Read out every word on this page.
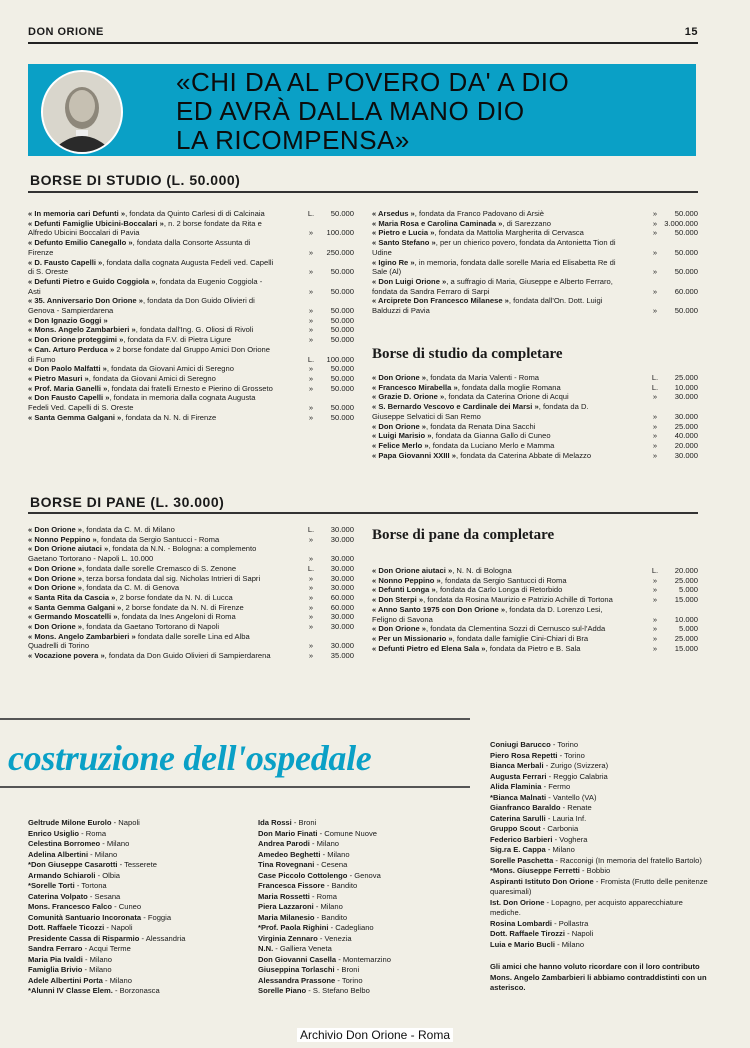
DON ORIONE	15
«CHI DA AL POVERO DA' A DIO
ED AVRÀ DALLA MANO DIO
LA RICOMPENSA»
BORSE DI STUDIO (L. 50.000)
« In memoria cari Defunti », fondata da Quinto Carlesi di di Calcinaia	L.	50.000
« Defunti Famiglie Ubicini-Boccalari », n. 2 borse fondate da Rita e Alfredo Ubicini Boccalari di Pavia	»	100.000
« Defunto Emilio Canegallo », fondata dalla Consorte Assunta di Firenze	»	250.000
« D. Fausto Capelli », fondata dalla cognata Augusta Fedeli ved. Capelli di S. Oreste	»	50.000
« Defunti Pietro e Guido Coggiola », fondata da Eugenio Coggiola - Asti	»	50.000
« 35. Anniversario Don Orione », fondata da Don Guido Olivieri di Genova - Sampierdarena	»	50.000
« Don Ignazio Goggi »	»	50.000
« Mons. Angelo Zambarbieri », fondata dall'Ing. G. Oliosi di Rivoli	»	50.000
« Don Orione proteggimi », fondata da F.V. di Pietra Ligure	»	50.000
« Can. Arturo Perduca » 2 borse fondate dal Gruppo Amici Don Orione di Fumo	L.	100.000
« Don Paolo Malfatti », fondata da Giovani Amici di Seregno	»	50.000
« Pietro Masuri », fondata da Giovani Amici di Seregno	»	50.000
« Prof. Maria Ganelli », fondata dai fratelli Ernesto e Pierino di Grosseto	»	50.000
« Don Fausto Capelli », fondata in memoria dalla cognata Augusta Fedeli Ved. Capelli di S. Oreste	»	50.000
« Santa Gemma Galgani », fondata da N. N. di Firenze	»	50.000
« Arsedus », fondata da Franco Padovano di Arsiè	»	50.000
« Maria Rosa e Carolina Caminada », di Sarezzano	» 3.000.000
« Pietro e Lucia », fondata da Mattolia Margherita di Cervasca	»	50.000
« Santo Stefano », per un chierico povero, fondata da Antonietta Tion di Udine	»	50.000
« Igino Re », in memoria, fondata dalle sorelle Maria ed Elisabetta Re di Sale (Al)	»	50.000
« Don Luigi Orione », a suffragio di Maria, Giuseppe e Alberto Ferraro, fondata da Sandra Ferraro di Sarpi	»	60.000
« Arciprete Don Francesco Milanese », fondata dall'On. Dott. Luigi Balduzzi di Pavia	»	50.000
Borse di studio da completare
« Don Orione », fondata da Maria Valenti - Roma	L.	25.000
« Francesco Mirabella », fondata dalla moglie Romana	L.	10.000
« Grazie D. Orione », fondata da Caterina Orione di Acqui	»	30.000
« S. Bernardo Vescovo e Cardinale dei Marsi », fondata da D. Giuseppe Selvatici di San Remo	»	30.000
« Don Orione », fondata da Renata Dina Sacchi	»	25.000
« Luigi Marisio », fondata da Gianna Gallo di Cuneo	»	40.000
« Felice Merlo », fondata da Luciano Merlo e Mamma	»	20.000
« Papa Giovanni XXIII », fondata da Caterina Abbate di Melazzo	»	30.000
BORSE DI PANE (L. 30.000)
« Don Orione », fondata da C. M. di Milano	L.	30.000
« Nonno Peppino », fondata da Sergio Santucci - Roma	»	30.000
« Don Orione aiutaci », fondata da N.N. - Bologna: a complemento Gaetano Tortorano - Napoli L. 10.000	»	30.000
« Don Orione », fondata dalle sorelle Cremasco di S. Zenone	L.	30.000
« Don Orione », terza borsa fondata dal sig. Nicholas Intrieri di Sapri	»	30.000
« Don Orione », fondata da C. M. di Genova	»	30.000
« Santa Rita da Cascia », 2 borse fondate da N. N. di Lucca	»	60.000
« Santa Gemma Galgani », 2 borse fondate da N. N. di Firenze	»	60.000
« Germando Moscatelli », fondata da Ines Angeloni di Roma	»	30.000
« Don Orione », fondata da Gaetano Tortorano di Napoli	»	30.000
« Mons. Angelo Zambarbieri » fondata dalle sorelle Lina ed Alba Quadrelli di Torino	»	30.000
« Vocazione povera », fondata da Don Guido Olivieri di Sampierdarena	»	35.000
Borse di pane da completare
« Don Orione aiutaci », N. N. di Bologna	L.	20.000
« Nonno Peppino », fondata da Sergio Santucci di Roma	»	25.000
« Defunti Longa », fondata da Carlo Longa di Retorbido	»	5.000
« Don Sterpi », fondata da Rosina Maurizio e Patrizio Achille di Tortona	»	15.000
« Anno Santo 1975 con Don Orione », fondata da D. Lorenzo Lesi, Feligno di Savona	»	10.000
« Don Orione », fondata da Clementina Sozzi di Cernusco sul-l'Adda	»	5.000
« Per un Missionario », fondata dalle famiglie Cini-Chiari di Bra	»	25.000
« Defunti Pietro ed Elena Sala », fondata da Pietro e B. Sala	»	15.000
costruzione dell'ospedale
Geltrude Milone Eurolo - Napoli
Enrico Usiglio - Roma
Celestina Borromeo - Milano
Adelina Albertini - Milano
*Don Giuseppe Casarotti - Tesserete
Armando Schiaroli - Olbia
*Sorelle Torti - Tortona
Caterina Volpato - Sesana
Mons. Francesco Falco - Cuneo
Comunità Santuario Incoronata - Foggia
Dott. Raffaele Ticozzi - Napoli
Presidente Cassa di Risparmio - Alessandria
Sandra Ferraro - Acqui Terme
Maria Pia Ivaldi - Milano
Famiglia Brivio - Milano
Adele Albertini Porta - Milano
*Alunni IV Classe Elem. - Borzonasca
Ida Rossi - Broni
Don Mario Finati - Comune Nuove
Andrea Parodi - Milano
Amedeo Beghetti - Milano
Tina Rovegnani - Cesena
Case Piccolo Cottolengo - Genova
Francesca Fissore - Bandito
Maria Rossetti - Roma
Piera Lazzaroni - Milano
Maria Milanesio - Bandito
*Prof. Paola Righini - Cadegliano
Virginia Zennaro - Venezia
N.N. - Galliera Veneta
Don Giovanni Casella - Montemarzino
Giuseppina Torlaschi - Broni
Alessandra Prassone - Torino
Sorelle Piano - S. Stefano Belbo
Coniugi Barucco - Torino
Piero Rosa Repetti - Torino
Bianca Merbali - Zurigo (Svizzera)
Augusta Ferrari - Reggio Calabria
Alida Flaminia - Fermo
*Bianca Malnati - Vantello (VA)
Gianfranco Baraldo - Renate
Caterina Sarulli - Lauria Inf.
Gruppo Scout - Carbonia
Federico Barbieri - Voghera
Sig.ra E. Cappa - Milano
Sorelle Paschetta - Racconigi (In memoria del fratello Bartolo)
*Mons. Giuseppe Ferretti - Bobbio
Aspiranti Istituto Don Orione - Fromista (Frutto delle penitenze quaresimali)
Ist. Don Orione - Lopagno, per acquisto apparecchiature mediche.
Rosina Lombardi - Pollastra
Dott. Raffaele Tirozzi - Napoli
Luia e Mario Bucli - Milano
Gli amici che hanno voluto ricordare con il loro contributo Mons. Angelo Zambarbieri li abbiamo contraddistinti con un asterisco.
Archivio Don Orione - Roma
